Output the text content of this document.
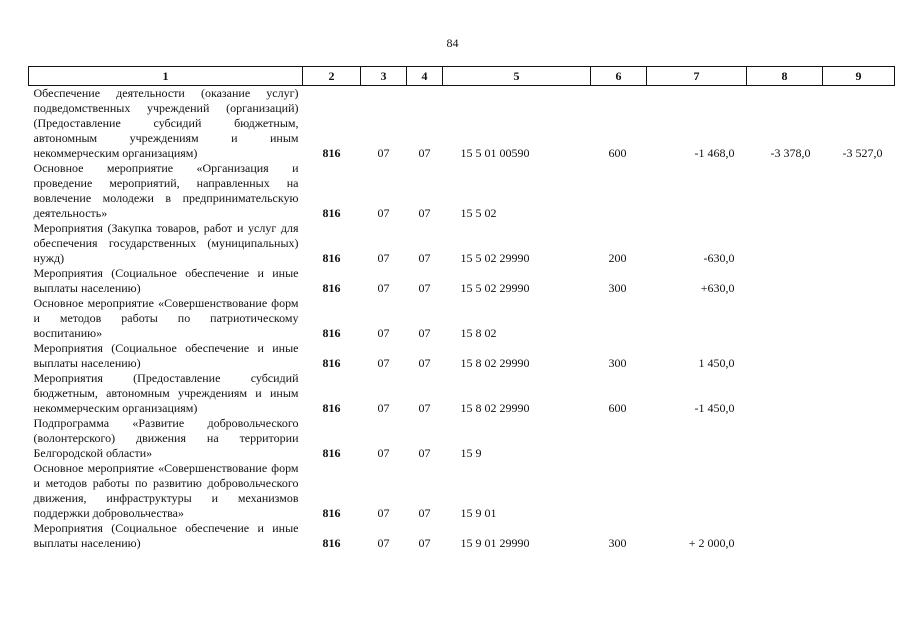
84
1	2	3	4	5	6	7	8	9
Обеспечение деятельности (оказание услуг) подведомственных учреждений (организаций) (Предоставление субсидий бюджетным, автономным учреждениям и иным некоммерческим организациям)	816	07	07	15 5 01 00590	600	-1 468,0	-3 378,0	-3 527,0
Основное мероприятие «Организация и проведение мероприятий, направленных на вовлечение молодежи в предпринимательскую деятельность»	816	07	07	15 5 02				
Мероприятия (Закупка товаров, работ и услуг для обеспечения государственных (муниципальных) нужд)	816	07	07	15 5 02 29990	200	-630,0		
Мероприятия (Социальное обеспечение и иные выплаты населению)	816	07	07	15 5 02 29990	300	+630,0		
Основное мероприятие «Совершенствование форм и методов работы по патриотическому воспитанию»	816	07	07	15 8 02				
Мероприятия (Социальное обеспечение и иные выплаты населению)	816	07	07	15 8 02 29990	300	1 450,0		
Мероприятия (Предоставление субсидий бюджетным, автономным учреждениям и иным некоммерческим организациям)	816	07	07	15 8 02 29990	600	-1 450,0		
Подпрограмма «Развитие добровольческого (волонтерского) движения на территории Белгородской области»	816	07	07	15 9				
Основное мероприятие «Совершенствование форм и методов работы по развитию добровольческого движения, инфраструктуры и механизмов поддержки добровольчества»	816	07	07	15 9 01				
Мероприятия (Социальное обеспечение и иные выплаты населению)	816	07	07	15 9 01 29990	300	+ 2 000,0		
